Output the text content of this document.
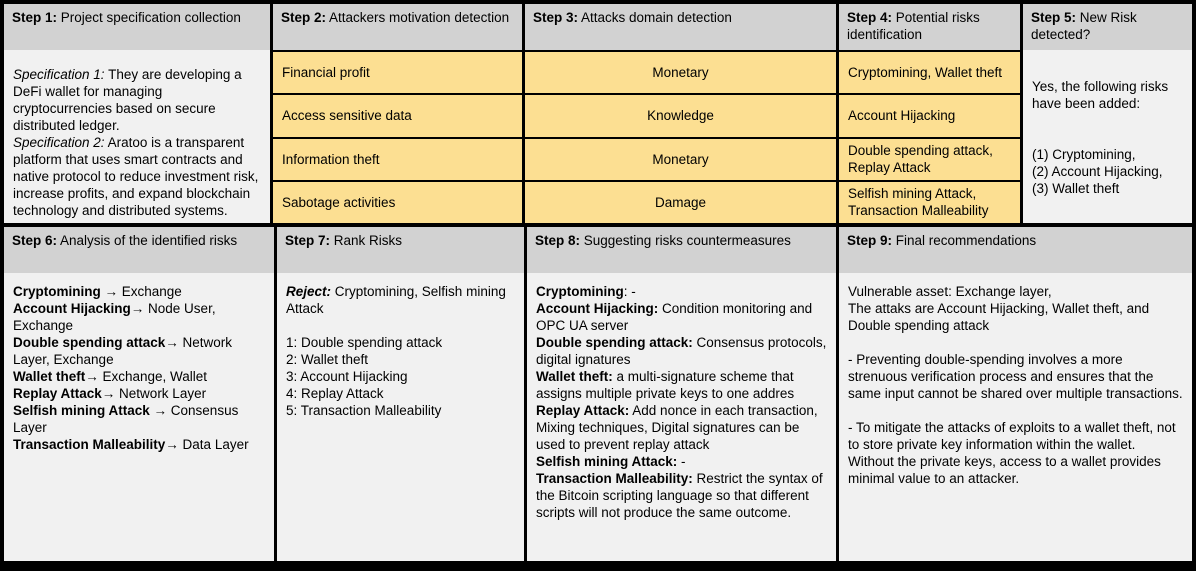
Step 1: Project specification collection
Specification 1: They are developing a DeFi wallet for managing cryptocurrencies based on secure distributed ledger.
Specification 2: Aratoo is a transparent platform that uses smart contracts and native protocol to reduce investment risk, increase profits, and expand blockchain technology and distributed systems.
Step 2: Attackers motivation detection
Financial profit
Access sensitive data
Information theft
Sabotage activities
Step 3: Attacks domain detection
Monetary
Knowledge
Monetary
Damage
Step 4: Potential risks identification
Cryptomining, Wallet theft
Account Hijacking
Double spending attack, Replay Attack
Selfish mining Attack, Transaction Malleability
Step 5: New Risk detected?
Yes, the following risks have been added:

(1) Cryptomining,
(2) Account Hijacking,
(3) Wallet theft
Step 6: Analysis of the identified risks
Cryptomining → Exchange
Account Hijacking→ Node User, Exchange
Double spending attack→ Network Layer, Exchange
Wallet theft→ Exchange, Wallet
Replay Attack→ Network Layer
Selfish mining Attack → Consensus Layer
Transaction Malleability→ Data Layer
Step 7: Rank Risks
Reject: Cryptomining, Selfish mining Attack

1: Double spending attack
2: Wallet theft
3: Account Hijacking
4: Replay Attack
5: Transaction Malleability
Step 8: Suggesting risks countermeasures
Cryptomining: -
Account Hijacking: Condition monitoring and OPC UA server
Double spending attack: Consensus protocols, digital ignatures
Wallet theft: a multi-signature scheme that assigns multiple private keys to one addres
Replay Attack: Add nonce in each transaction, Mixing techniques, Digital signatures can be used to prevent replay attack
Selfish mining Attack: -
Transaction Malleability: Restrict the syntax of the Bitcoin scripting language so that different scripts will not produce the same outcome.
Step 9: Final recommendations
Vulnerable asset: Exchange layer,
The attaks are Account Hijacking, Wallet theft, and Double spending attack

- Preventing double-spending involves a more strenuous verification process and ensures that the same input cannot be shared over multiple transactions.

- To mitigate the attacks of exploits to a wallet theft, not to store private key information within the wallet. Without the private keys, access to a wallet provides minimal value to an attacker.
